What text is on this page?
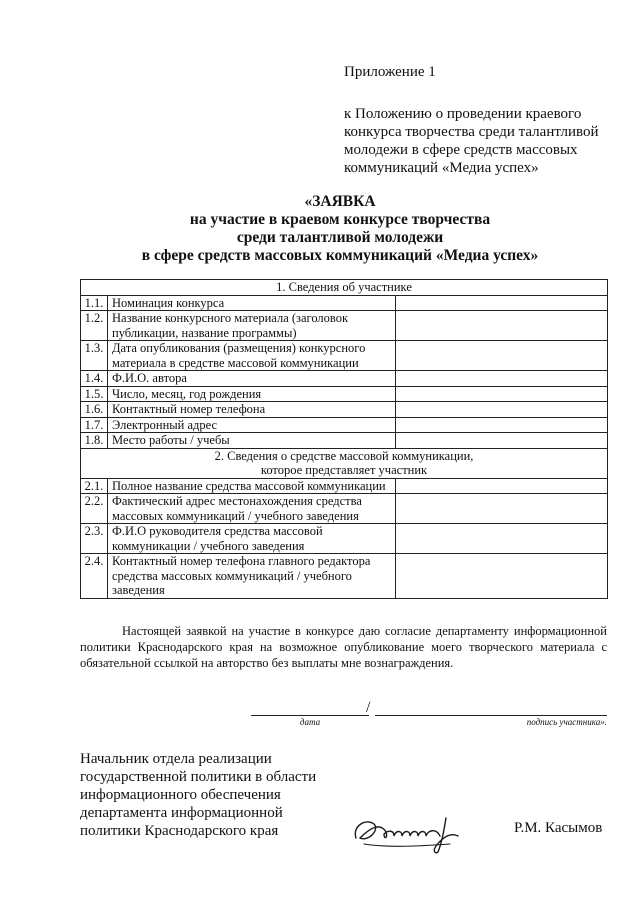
Приложение 1
к Положению о проведении краевого
конкурса творчества среди талантливой
молодежи в сфере средств массовых
коммуникаций «Медиа успех»
«ЗАЯВКА
на участие в краевом конкурсе творчества
среди талантливой молодежи
в сфере средств массовых коммуникаций «Медиа успех»
1. Сведения об участнике		
1.1.	Номинация конкурса	
1.2.	Название конкурсного материала (заголовок публикации, название программы)	
1.3.	Дата опубликования (размещения) конкурсного материала в средстве массовой коммуникации	
1.4.	Ф.И.О. автора	
1.5.	Число, месяц, год рождения	
1.6.	Контактный номер телефона	
1.7.	Электронный адрес	
1.8.	Место работы / учебы	

2. Сведения о средстве массовой коммуникации,
которое представляет участник		

2.1.	Полное название средства массовой коммуникации	
2.2.	Фактический адрес местонахождения средства массовых коммуникаций / учебного заведения	
2.3.	Ф.И.О руководителя средства массовой коммуникации / учебного заведения	
2.4.	Контактный номер телефона главного редактора средства массовых коммуникаций / учебного заведения	
Настоящей заявкой на участие в конкурсе даю согласие департаменту информационной политики Краснодарского края на возможное опубликование моего творческого материала с обязательной ссылкой на авторство без выплаты мне вознаграждения.
/
дата	подпись участника».
Начальник отдела реализации
государственной политики в области
информационного обеспечения
департамента информационной
политики Краснодарского края	Р.М. Касымов
